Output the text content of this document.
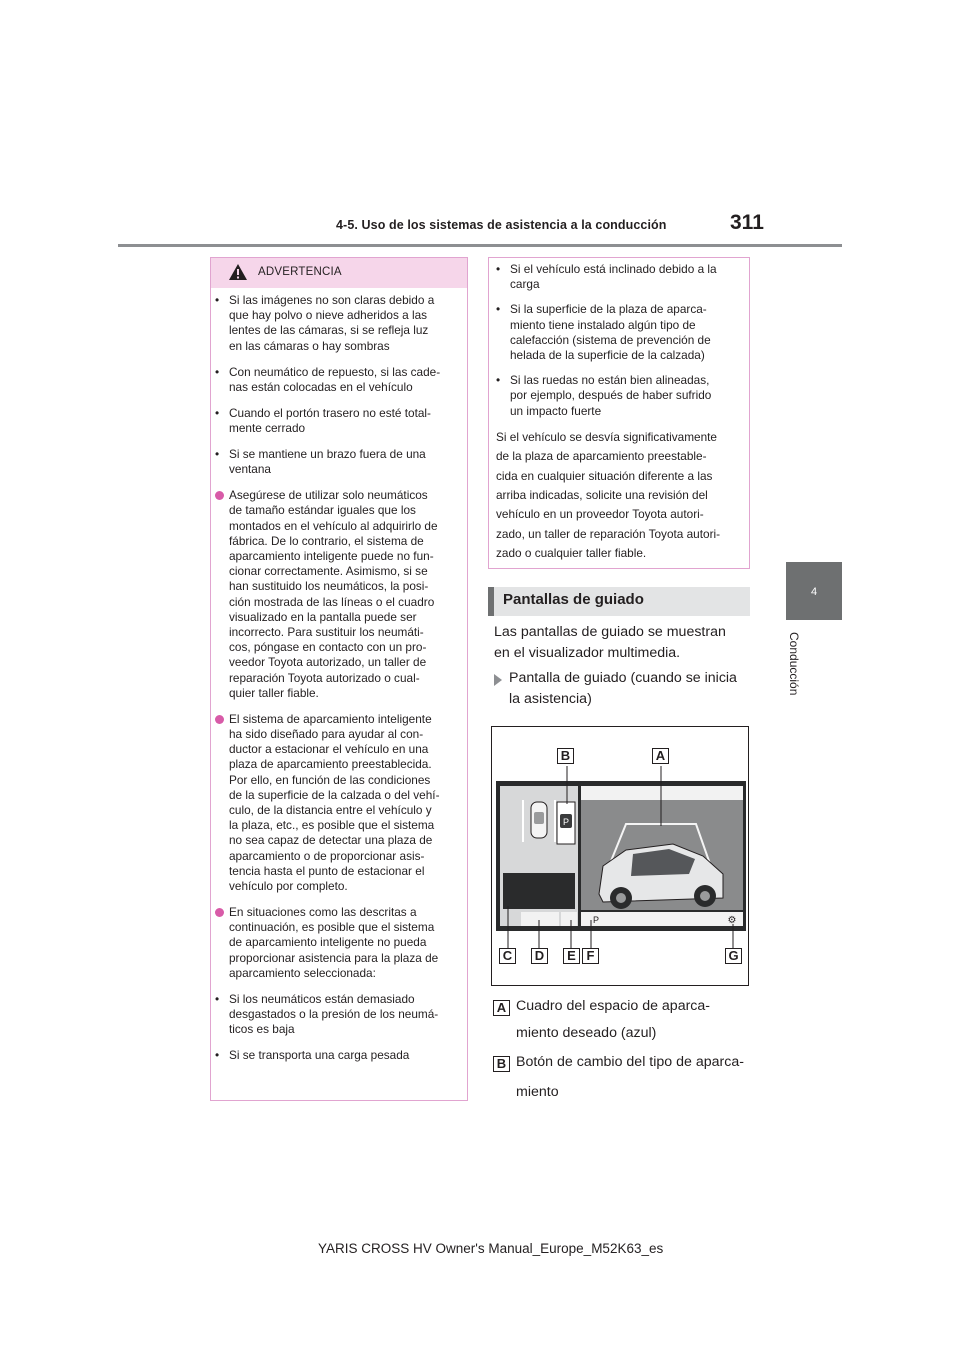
4-5. Uso de los sistemas de asistencia a la conducción	311
4
Conducción
ADVERTENCIA
• Si las imágenes no son claras debido a
que hay polvo o nieve adheridos a las
lentes de las cámaras, si se refleja luz
en las cámaras o hay sombras
• Con neumático de repuesto, si las cade-
nas están colocadas en el vehículo
• Cuando el portón trasero no esté total-
mente cerrado
• Si se mantiene un brazo fuera de una
ventana
Asegúrese de utilizar solo neumáticos
de tamaño estándar iguales que los
montados en el vehículo al adquirirlo de
fábrica. De lo contrario, el sistema de
aparcamiento inteligente puede no fun-
cionar correctamente. Asimismo, si se
han sustituido los neumáticos, la posi-
ción mostrada de las líneas o el cuadro
visualizado en la pantalla puede ser
incorrecto. Para sustituir los neumáti-
cos, póngase en contacto con un pro-
veedor Toyota autorizado, un taller de
reparación Toyota autorizado o cual-
quier taller fiable.
El sistema de aparcamiento inteligente
ha sido diseñado para ayudar al con-
ductor a estacionar el vehículo en una
plaza de aparcamiento preestablecida.
Por ello, en función de las condiciones
de la superficie de la calzada o del vehí-
culo, de la distancia entre el vehículo y
la plaza, etc., es posible que el sistema
no sea capaz de detectar una plaza de
aparcamiento o de proporcionar asis-
tencia hasta el punto de estacionar el
vehículo por completo.
En situaciones como las descritas a
continuación, es posible que el sistema
de aparcamiento inteligente no pueda
proporcionar asistencia para la plaza de
aparcamiento seleccionada:
• Si los neumáticos están demasiado
desgastados o la presión de los neumá-
ticos es baja
• Si se transporta una carga pesada
• Si el vehículo está inclinado debido a la
carga
• Si la superficie de la plaza de aparca-
miento tiene instalado algún tipo de
calefacción (sistema de prevención de
helada de la superficie de la calzada)
• Si las ruedas no están bien alineadas,
por ejemplo, después de haber sufrido
un impacto fuerte
Si el vehículo se desvía significativamente
de la plaza de aparcamiento preestable-
cida en cualquier situación diferente a las
arriba indicadas, solicite una revisión del
vehículo en un proveedor Toyota autori-
zado, un taller de reparación Toyota autori-
zado o cualquier taller fiable.
Pantallas de guiado
Las pantallas de guiado se muestran
en el visualizador multimedia.
Pantalla de guiado (cuando se inicia
la asistencia)
P
P	⚙
B	A
C D	E F	G
A Cuadro del espacio de aparca-
miento deseado (azul)
B Botón de cambio del tipo de aparca-
miento
YARIS CROSS HV Owner's Manual_Europe_M52K63_es
